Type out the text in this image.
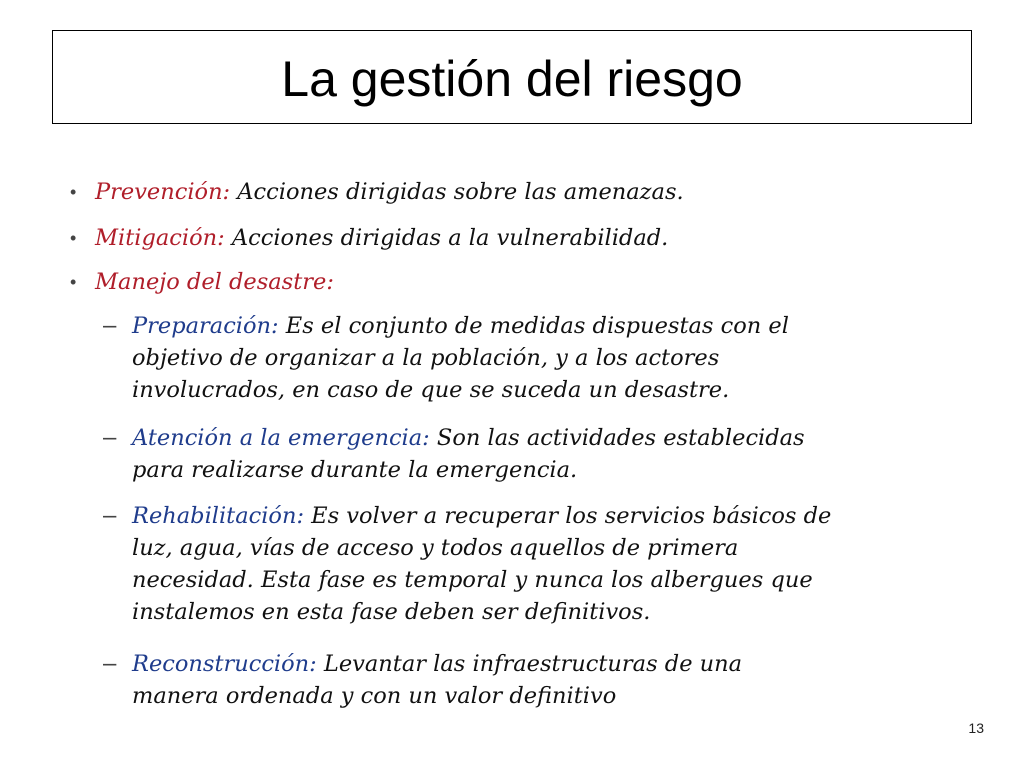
La gestión del riesgo
• Prevención: Acciones dirigidas sobre las amenazas.
• Mitigación: Acciones dirigidas a la vulnerabilidad.
• Manejo del desastre:
– Preparación: Es el conjunto de medidas dispuestas con el
objetivo de organizar a la población, y a los actores
involucrados, en caso de que se suceda un desastre.
– Atención a la emergencia: Son las actividades establecidas
para realizarse durante la emergencia.
– Rehabilitación: Es volver a recuperar los servicios básicos de
luz, agua, vías de acceso y todos aquellos de primera
necesidad. Esta fase es temporal y nunca los albergues que
instalemos en esta fase deben ser definitivos.
– Reconstrucción: Levantar las infraestructuras de una
manera ordenada y con un valor definitivo
13
